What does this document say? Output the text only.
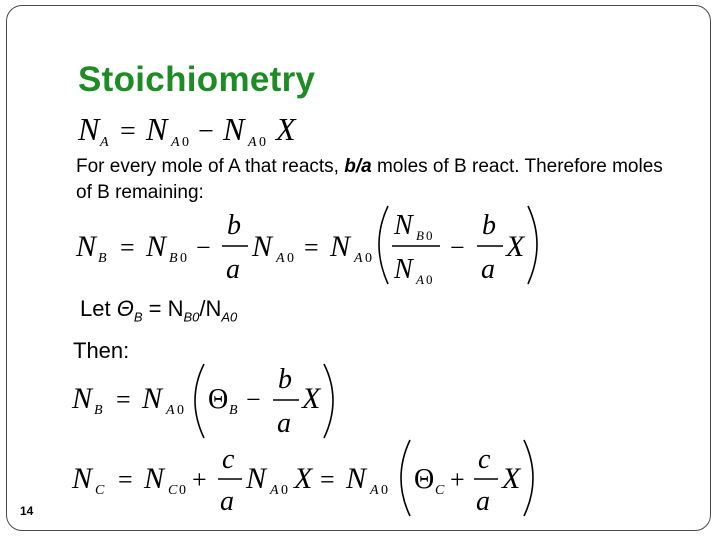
Stoichiometry
N A = N A 0 − N A 0 X
For every mole of A that reacts, b/a moles of B react. Therefore moles of B remaining:
N B = N B 0 −
b
a
N A 0 = N A 0
N B 0
N A 0
−
b
a
X
Let $\Theta_B = N_{B0}/N_{A0}$
Then:
N B = N A 0 Θ B −
b
a
X
N C = N C 0 +
c
a
N A 0 X = N A 0 Θ C +
c
a
X
14
